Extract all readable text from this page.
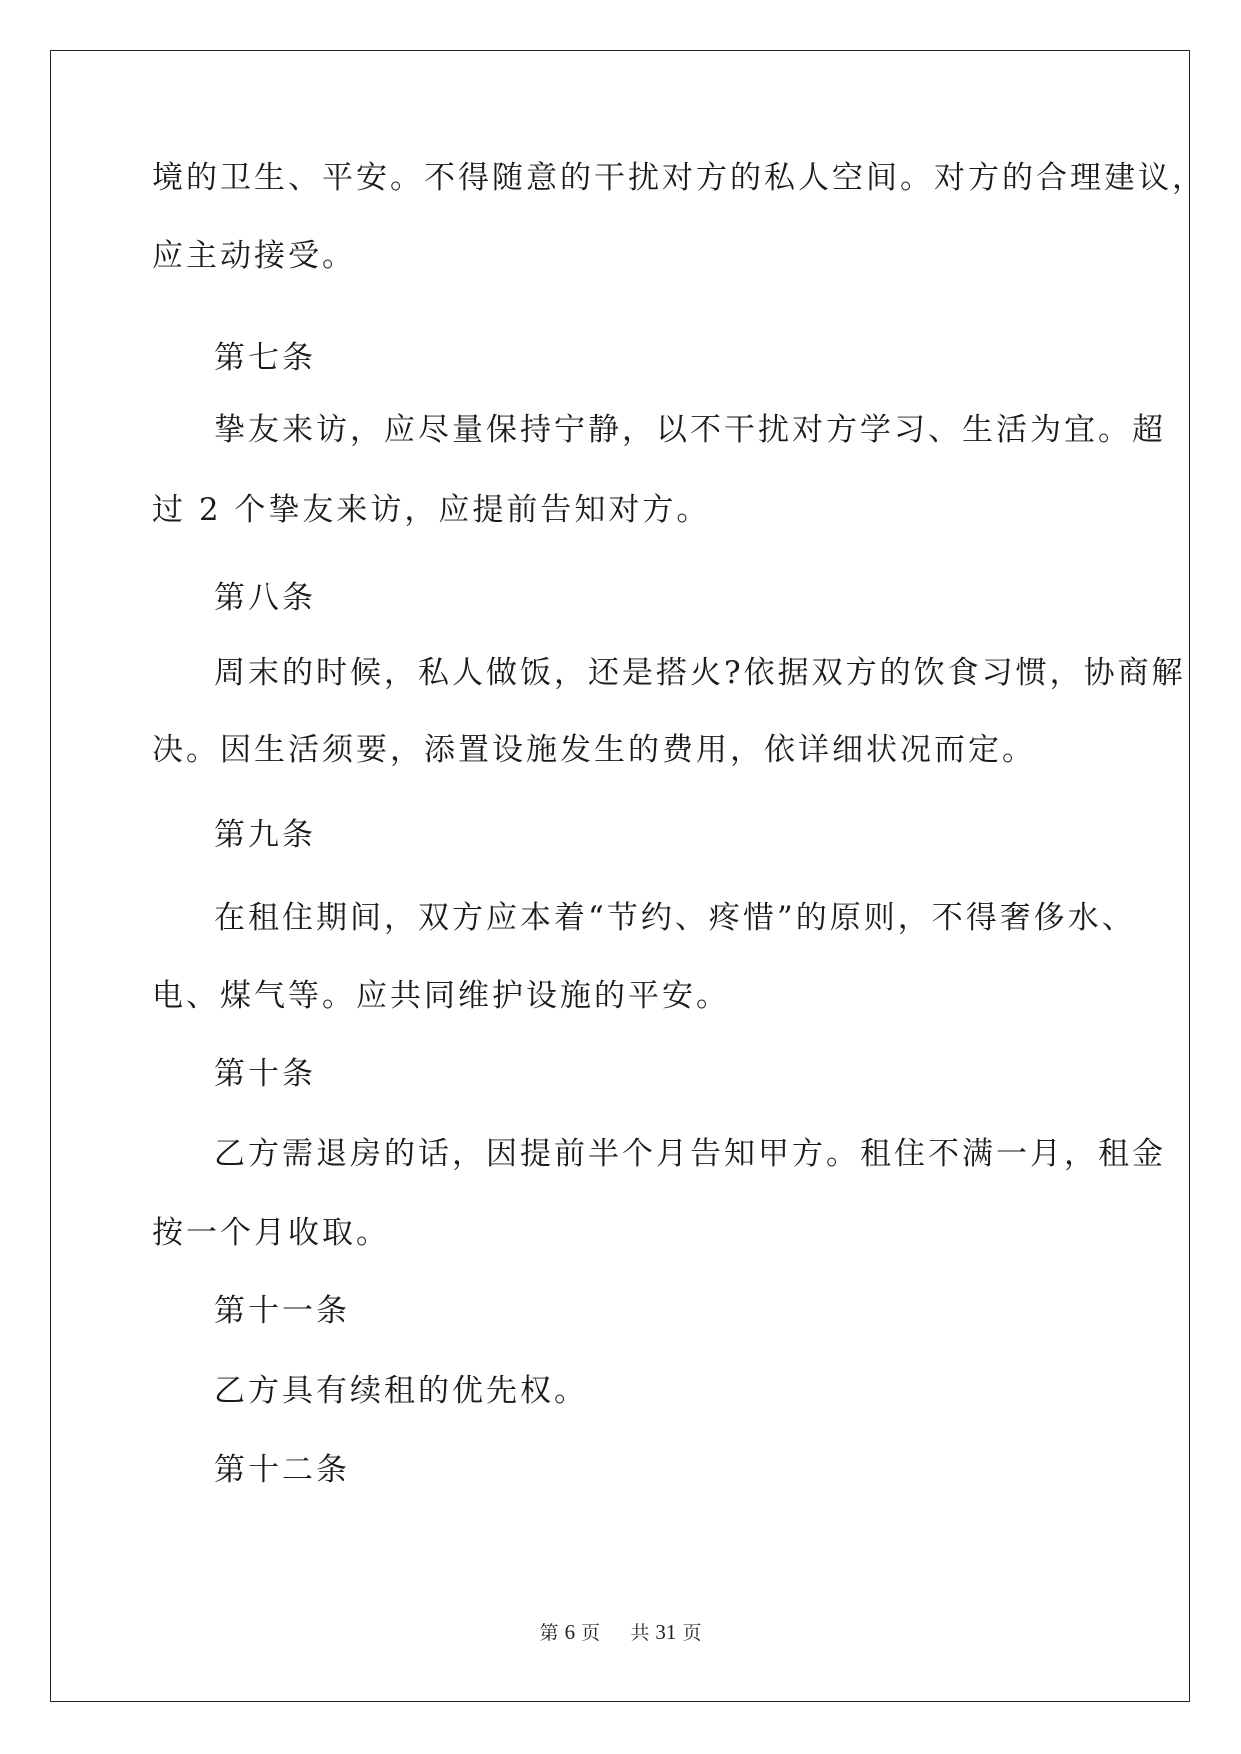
境的卫生、平安。不得随意的干扰对方的私人空间。对方的合理建议，
应主动接受。
第七条
挚友来访，应尽量保持宁静，以不干扰对方学习、生活为宜。超
过 2 个挚友来访，应提前告知对方。
第八条
周末的时候，私人做饭，还是搭火?依据双方的饮食习惯，协商解
决。因生活须要，添置设施发生的费用，依详细状况而定。
第九条
在租住期间，双方应本着“节约、疼惜”的原则，不得奢侈水、
电、煤气等。应共同维护设施的平安。
第十条
乙方需退房的话，因提前半个月告知甲方。租住不满一月，租金
按一个月收取。
第十一条
乙方具有续租的优先权。
第十二条
第 6 页 共 31 页
